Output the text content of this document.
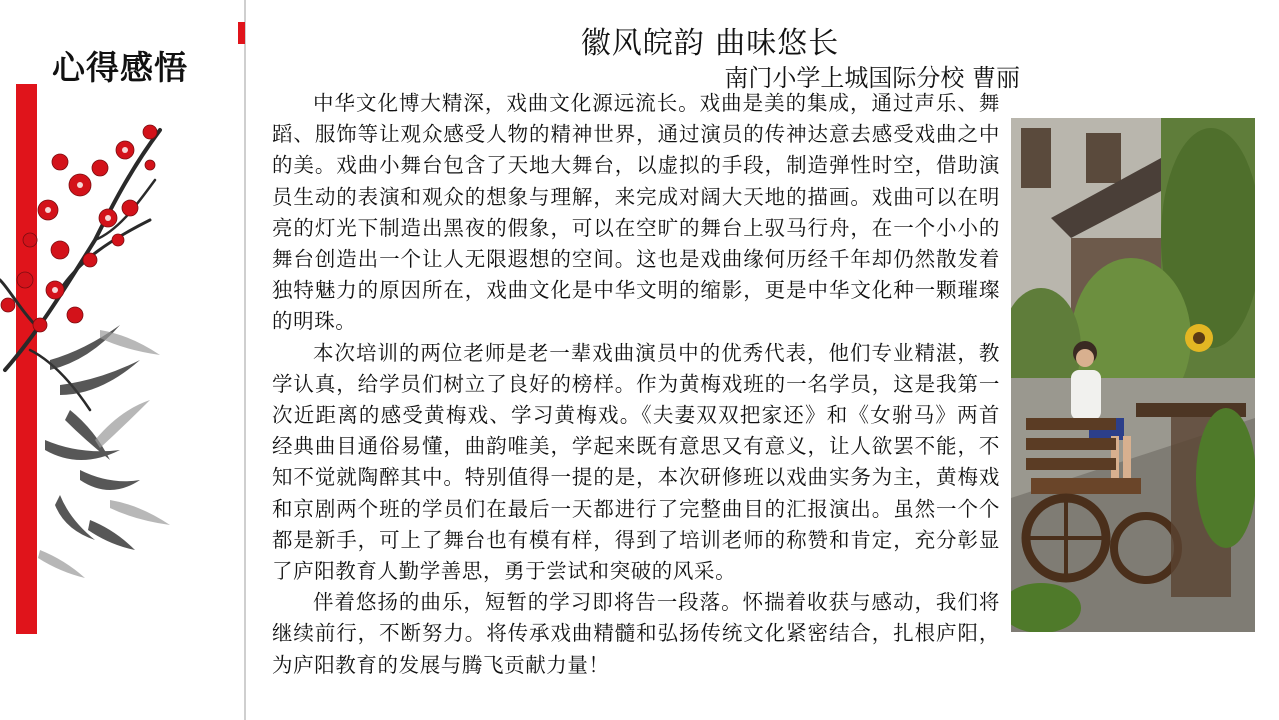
心得感悟
徽风皖韵 曲味悠长
南门小学上城国际分校 曹丽

中华文化博大精深，戏曲文化源远流长。戏曲是美的集成，通过声乐、舞蹈、服饰等让观众感受人物的精神世界，通过演员的传神达意去感受戏曲之中的美。戏曲小舞台包含了天地大舞台，以虚拟的手段，制造弹性时空，借助演员生动的表演和观众的想象与理解，来完成对阔大天地的描画。戏曲可以在明亮的灯光下制造出黑夜的假象，可以在空旷的舞台上驭马行舟，在一个小小的舞台创造出一个让人无限遐想的空间。这也是戏曲缘何历经千年却仍然散发着独特魅力的原因所在，戏曲文化是中华文明的缩影，更是中华文化种一颗璀璨的明珠。

本次培训的两位老师是老一辈戏曲演员中的优秀代表，他们专业精湛，教学认真，给学员们树立了良好的榜样。作为黄梅戏班的一名学员，这是我第一次近距离的感受黄梅戏、学习黄梅戏。《夫妻双双把家还》和《女驸马》两首经典曲目通俗易懂，曲韵唯美，学起来既有意思又有意义，让人欲罢不能，不知不觉就陶醉其中。特别值得一提的是，本次研修班以戏曲实务为主，黄梅戏和京剧两个班的学员们在最后一天都进行了完整曲目的汇报演出。虽然一个个都是新手，可上了舞台也有模有样，得到了培训老师的称赞和肯定，充分彰显了庐阳教育人勤学善思，勇于尝试和突破的风采。

伴着悠扬的曲乐，短暂的学习即将告一段落。怀揣着收获与感动，我们将继续前行，不断努力。将传承戏曲精髓和弘扬传统文化紧密结合，扎根庐阳，为庐阳教育的发展与腾飞贡献力量！
